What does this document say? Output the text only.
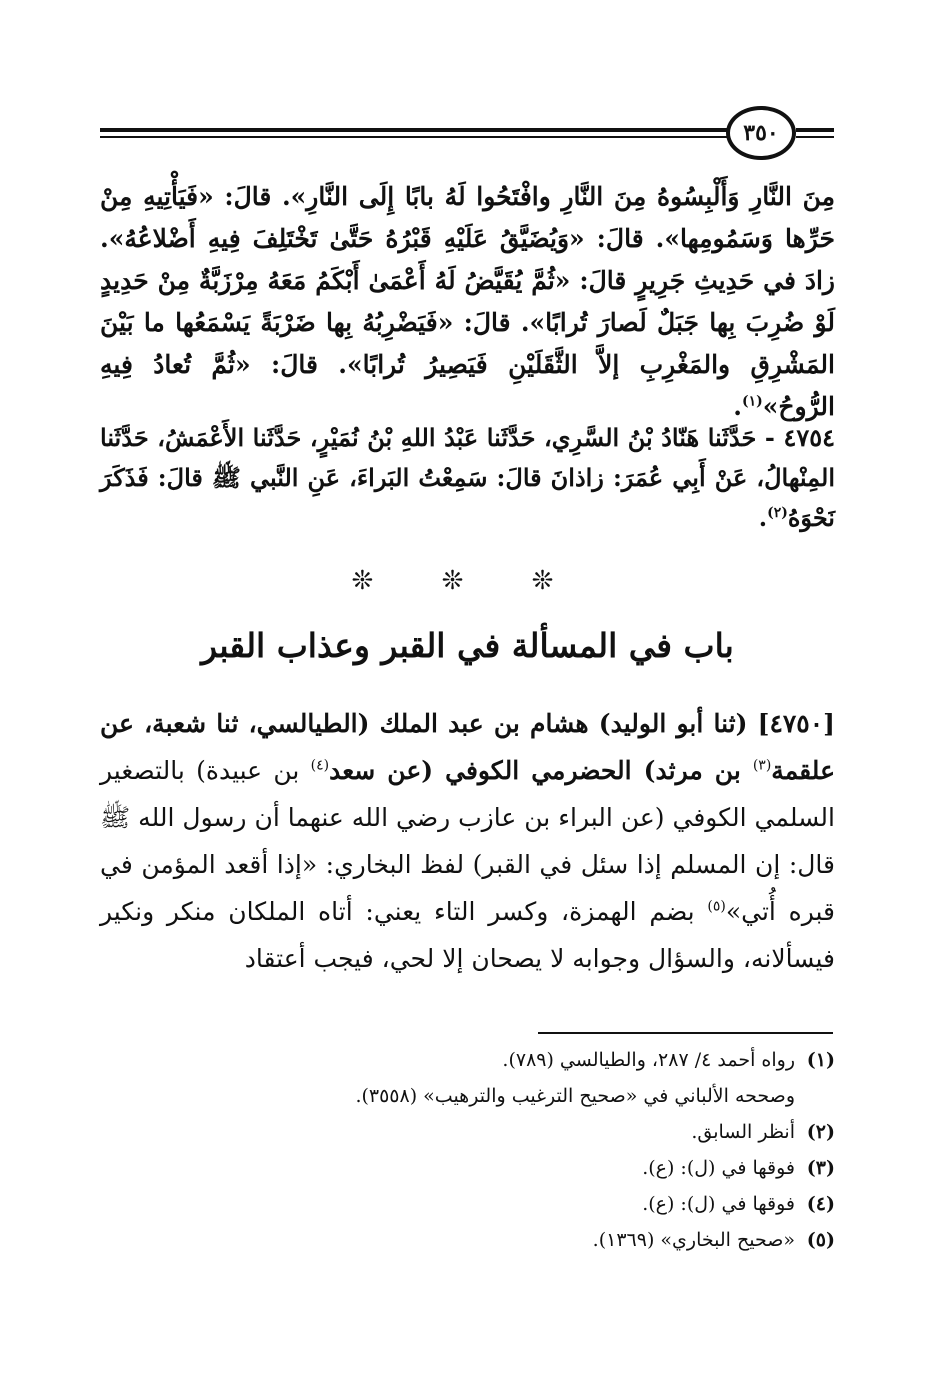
٣٥٠
مِنَ النَّارِ وَأَلْبِسُوهُ مِنَ النَّارِ وافْتَحُوا لَهُ بابًا إِلَى النَّارِ». قالَ: «فَيَأْتِيهِ مِنْ حَرِّها وَسَمُومِها». قالَ: «وَيُضَيَّقُ عَلَيْهِ قَبْرُهُ حَتَّىٰ تَخْتَلِفَ فِيهِ أَضْلاعُهُ». زادَ في حَدِيثِ جَرِيرٍ قالَ: «ثُمَّ يُقَيَّضُ لَهُ أَعْمَىٰ أَبْكَمُ مَعَهُ مِرْزَبَّةٌ مِنْ حَدِيدٍ لَوْ ضُرِبَ بِها جَبَلٌ لَصارَ تُرابًا». قالَ: «فَيَضْرِبُهُ بِها ضَرْبَةً يَسْمَعُها ما بَيْنَ المَشْرِقِ والمَغْرِبِ إلاَّ الثَّقَلَيْنِ فَيَصِيرُ تُرابًا». قالَ: «ثُمَّ تُعادُ فِيهِ الرُّوحُ»$^{(١)}$.
٤٧٥٤ - حَدَّثَنا هَنّادُ بْنُ السَّرِي، حَدَّثَنا عَبْدُ اللهِ بْنُ نُمَيْرٍ، حَدَّثَنا الأَعْمَشُ، حَدَّثَنا المِنْهالُ، عَنْ أَبِي عُمَرَ: زاذانَ قالَ: سَمِعْتُ البَراءَ، عَنِ النَّبي ﷺ قالَ: فَذَكَرَ نَحْوَهُ$^{(٢)}$.
❊ ❊ ❊
باب في المسألة في القبر وعذاب القبر
[٤٧٥٠] (ثنا أبو الوليد) هشام بن عبد الملك (الطيالسي، ثنا شعبة، عن علقمة$^{(٣)}$ بن مرثد) الحضرمي الكوفي (عن سعد$^{(٤)}$ بن عبيدة) بالتصغير السلمي الكوفي (عن البراء بن عازب رضي الله عنهما أن رسول الله ﷺ قال: إن المسلم إذا سئل في القبر) لفظ البخاري: «إذا أقعد المؤمن في قبره أُتي»$^{(٥)}$ بضم الهمزة، وكسر التاء يعني: أتاه الملكان منكر ونكير فيسألانه، والسؤال وجوابه لا يصحان إلا لحي، فيجب أعتقاد
(١)رواه أحمد ٤/ ٢٨٧، والطيالسي (٧٨٩).
وصححه الألباني في «صحيح الترغيب والترهيب» (٣٥٥٨).
(٢)أنظر السابق.
(٣)فوقها في (ل): (ع).
(٤)فوقها في (ل): (ع).
(٥)«صحيح البخاري» (١٣٦٩).
